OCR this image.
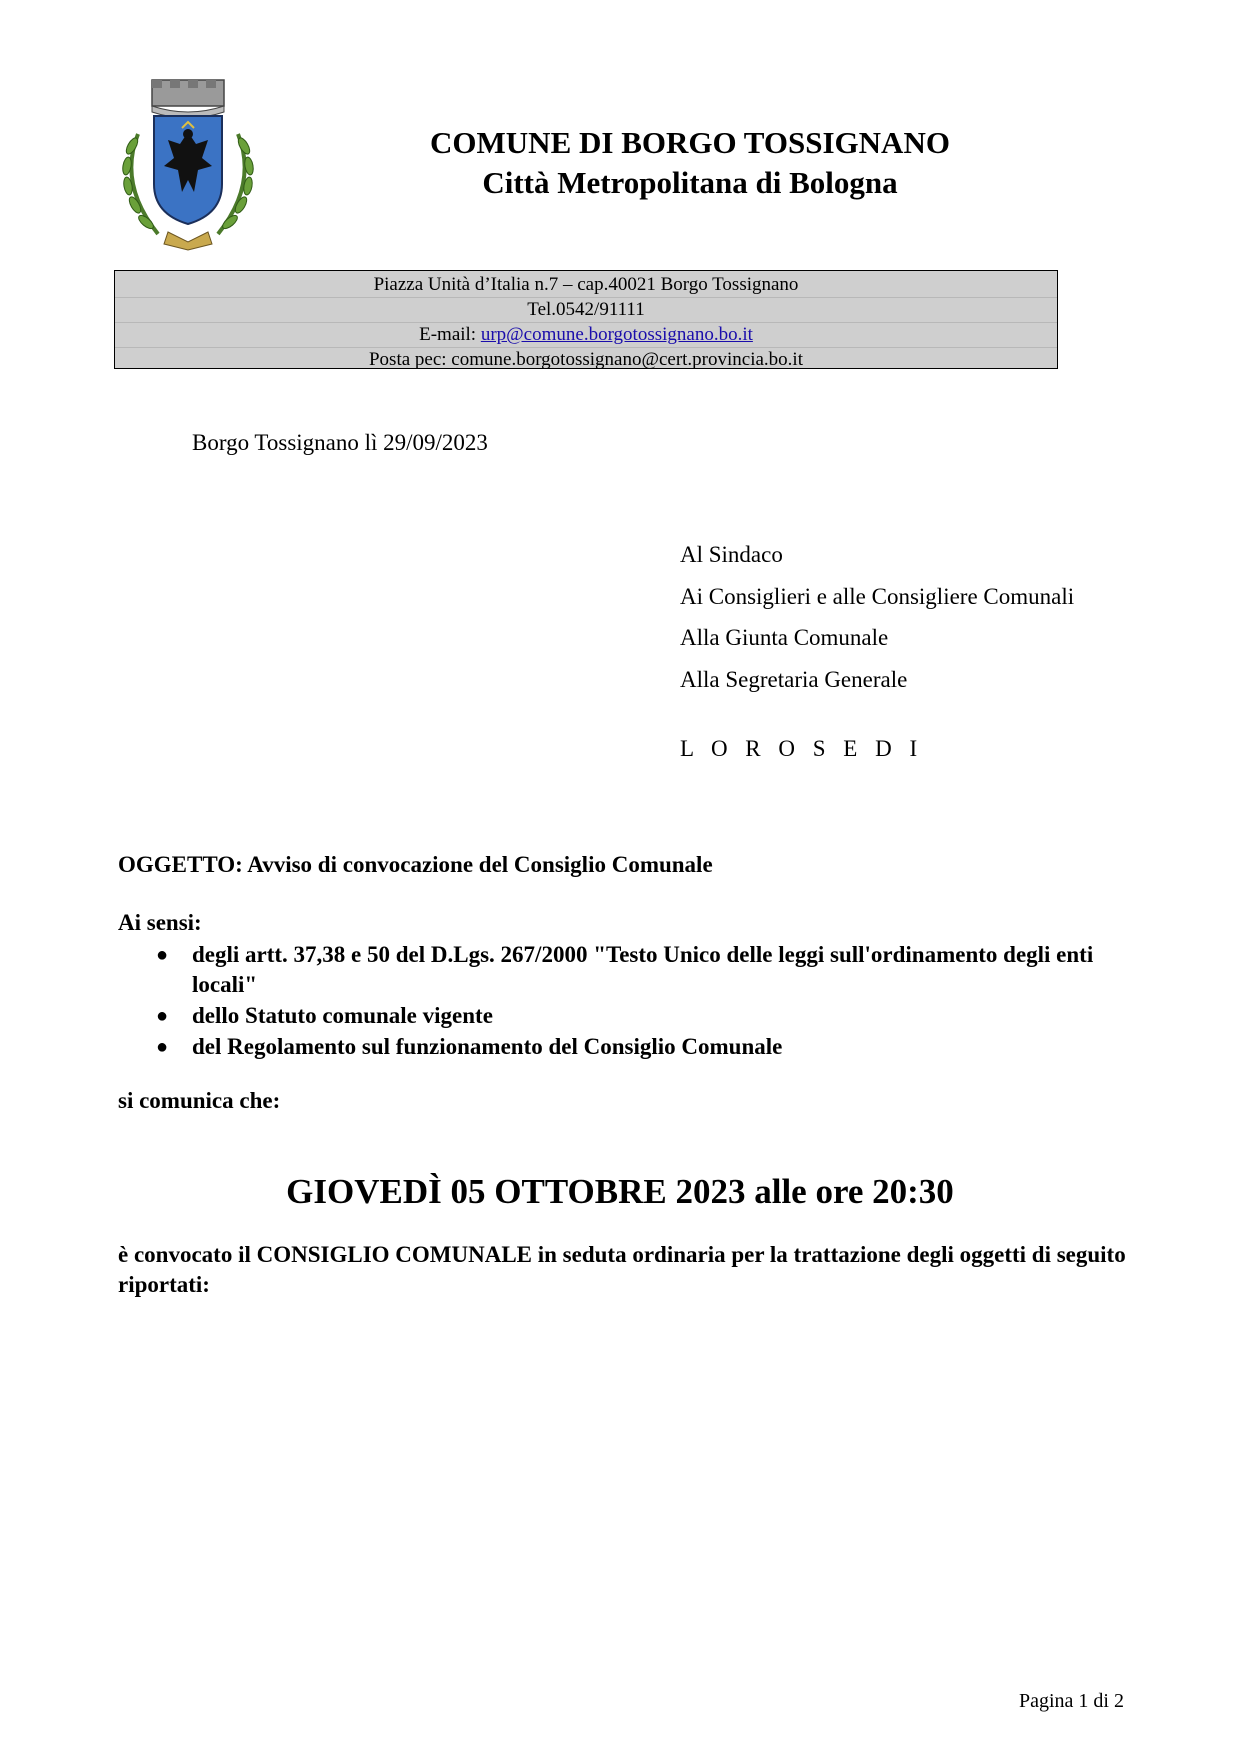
COMUNE DI BORGO TOSSIGNANO
Città Metropolitana di Bologna
Piazza Unità d’Italia n.7 – cap.40021 Borgo Tossignano
Tel.0542/91111
E-mail: urp@comune.borgotossignano.bo.it
Posta pec: comune.borgotossignano@cert.provincia.bo.it
Borgo Tossignano lì 29/09/2023
Al Sindaco
Ai Consiglieri e alle Consigliere Comunali
Alla Giunta Comunale
Alla Segretaria Generale
L O R O S E D I
OGGETTO: Avviso di convocazione del Consiglio Comunale
Ai sensi:
● degli artt. 37,38 e 50 del D.Lgs. 267/2000 "Testo Unico delle leggi sull'ordinamento degli enti locali"
● dello Statuto comunale vigente
● del Regolamento sul funzionamento del Consiglio Comunale
si comunica che:
GIOVEDÌ 05 OTTOBRE 2023 alle ore 20:30
è convocato il CONSIGLIO COMUNALE in seduta ordinaria per la trattazione degli oggetti di seguito riportati:
Pagina 1 di 2
